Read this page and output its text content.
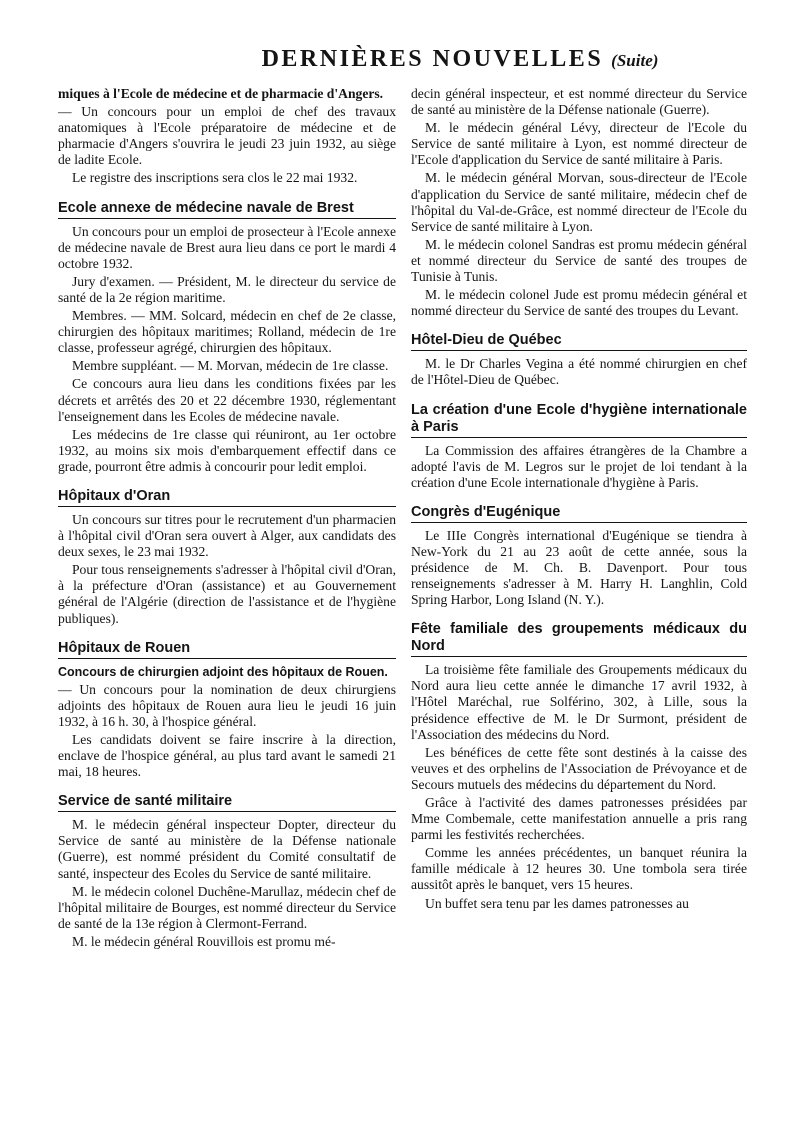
DERNIÈRES NOUVELLES (Suite)

miques à l'Ecole de médecine et de pharmacie d'Angers.

— Un concours pour un emploi de chef des travaux anatomiques à l'Ecole préparatoire de médecine et de pharmacie d'Angers s'ouvrira le jeudi 23 juin 1932, au siège de ladite Ecole.

Le registre des inscriptions sera clos le 22 mai 1932.

Ecole annexe de médecine navale de Brest

Un concours pour un emploi de prosecteur à l'Ecole annexe de médecine navale de Brest aura lieu dans ce port le mardi 4 octobre 1932.

Jury d'examen. — Président, M. le directeur du service de santé de la 2e région maritime.

Membres. — MM. Solcard, médecin en chef de 2e classe, chirurgien des hôpitaux maritimes; Rolland, médecin de 1re classe, professeur agrégé, chirurgien des hôpitaux.

Membre suppléant. — M. Morvan, médecin de 1re classe.

Ce concours aura lieu dans les conditions fixées par les décrets et arrêtés des 20 et 22 décembre 1930, réglementant l'enseignement dans les Ecoles de médecine navale.

Les médecins de 1re classe qui réuniront, au 1er octobre 1932, au moins six mois d'embarquement effectif dans ce grade, pourront être admis à concourir pour ledit emploi.

Hôpitaux d'Oran

Un concours sur titres pour le recrutement d'un pharmacien à l'hôpital civil d'Oran sera ouvert à Alger, aux candidats des deux sexes, le 23 mai 1932.

Pour tous renseignements s'adresser à l'hôpital civil d'Oran, à la préfecture d'Oran (assistance) et au Gouvernement général de l'Algérie (direction de l'assistance et de l'hygiène publiques).

Hôpitaux de Rouen

Concours de chirurgien adjoint des hôpitaux de Rouen.

— Un concours pour la nomination de deux chirurgiens adjoints des hôpitaux de Rouen aura lieu le jeudi 16 juin 1932, à 16 h. 30, à l'hospice général.

Les candidats doivent se faire inscrire à la direction, enclave de l'hospice général, au plus tard avant le samedi 21 mai, 18 heures.

Service de santé militaire

M. le médecin général inspecteur Dopter, directeur du Service de santé au ministère de la Défense nationale (Guerre), est nommé président du Comité consultatif de santé, inspecteur des Ecoles du Service de santé militaire.

M. le médecin colonel Duchêne-Marullaz, médecin chef de l'hôpital militaire de Bourges, est nommé directeur du Service de santé de la 13e région à Clermont-Ferrand.

M. le médecin général Rouvillois est promu mé-

decin général inspecteur, et est nommé directeur du Service de santé au ministère de la Défense nationale (Guerre).

M. le médecin général Lévy, directeur de l'Ecole du Service de santé militaire à Lyon, est nommé directeur de l'Ecole d'application du Service de santé militaire à Paris.

M. le médecin général Morvan, sous-directeur de l'Ecole d'application du Service de santé militaire, médecin chef de l'hôpital du Val-de-Grâce, est nommé directeur de l'Ecole du Service de santé militaire à Lyon.

M. le médecin colonel Sandras est promu médecin général et nommé directeur du Service de santé des troupes de Tunisie à Tunis.

M. le médecin colonel Jude est promu médecin général et nommé directeur du Service de santé des troupes du Levant.

Hôtel-Dieu de Québec

M. le Dr Charles Vegina a été nommé chirurgien en chef de l'Hôtel-Dieu de Québec.

La création d'une Ecole d'hygiène internationale à Paris

La Commission des affaires étrangères de la Chambre a adopté l'avis de M. Legros sur le projet de loi tendant à la création d'une Ecole internationale d'hygiène à Paris.

Congrès d'Eugénique

Le IIIe Congrès international d'Eugénique se tiendra à New-York du 21 au 23 août de cette année, sous la présidence de M. Ch. B. Davenport. Pour tous renseignements s'adresser à M. Harry H. Langhlin, Cold Spring Harbor, Long Island (N. Y.).

Fête familiale des groupements médicaux du Nord

La troisième fête familiale des Groupements médicaux du Nord aura lieu cette année le dimanche 17 avril 1932, à l'Hôtel Maréchal, rue Solférino, 302, à Lille, sous la présidence effective de M. le Dr Surmont, président de l'Association des médecins du Nord.

Les bénéfices de cette fête sont destinés à la caisse des veuves et des orphelins de l'Association de Prévoyance et de Secours mutuels des médecins du département du Nord.

Grâce à l'activité des dames patronesses présidées par Mme Combemale, cette manifestation annuelle a pris rang parmi les festivités recherchées.

Comme les années précédentes, un banquet réunira la famille médicale à 12 heures 30. Une tombola sera tirée aussitôt après le banquet, vers 15 heures.

Un buffet sera tenu par les dames patronesses au
